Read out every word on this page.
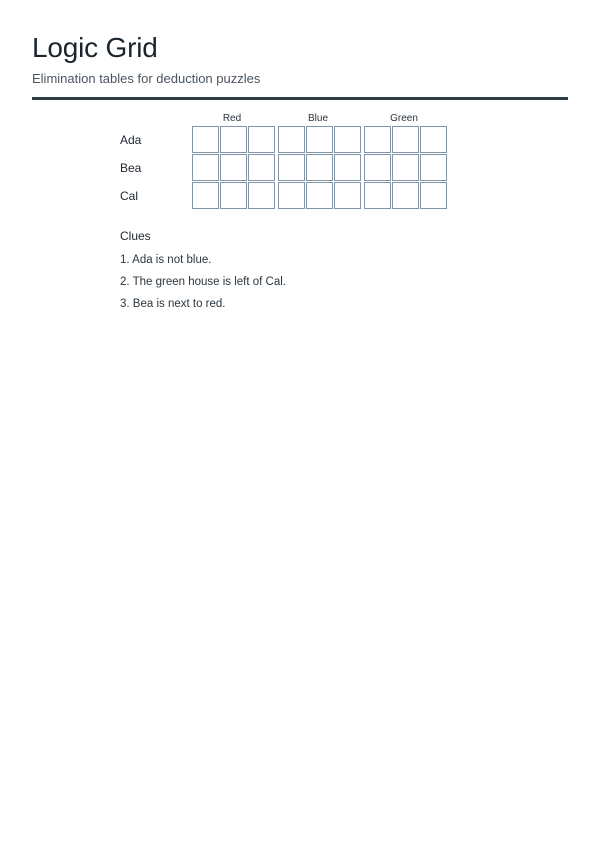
Logic Grid
Elimination tables for deduction puzzles
Red	Blue	Green
Ada
Bea
Cal
Clues
1. Ada is not blue.
2. The green house is left of Cal.
3. Bea is next to red.
